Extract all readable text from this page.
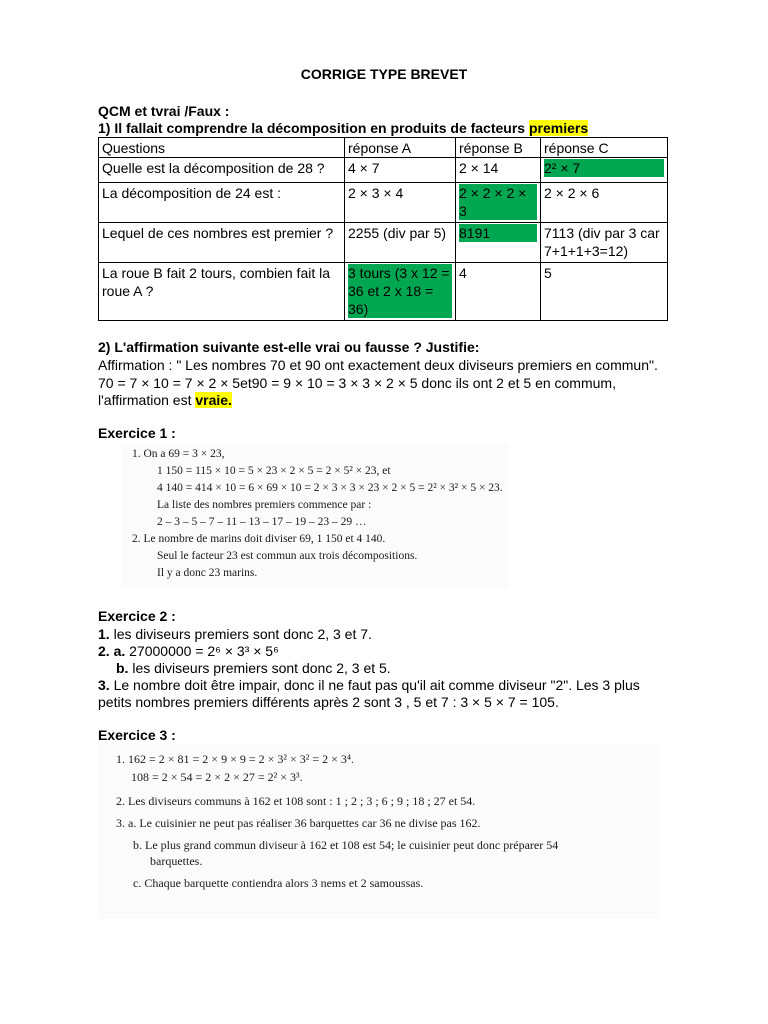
CORRIGE TYPE BREVET
QCM et tvrai /Faux :
1) Il fallait comprendre la décomposition en produits de facteurs premiers
Questions	réponse A	réponse B	réponse C
Quelle est la décomposition de 28 ?	4 × 7	2 × 14	2² × 7
La décomposition de 24 est :	2 × 3 × 4	2 × 2 × 2 × 3	2 × 2 × 6
Lequel de ces nombres est premier ?	2255 (div par 5)	8191	7113 (div par 3 car 7+1+1+3=12)
La roue B fait 2 tours, combien fait la roue A ?	3 tours (3 x 12 = 36 et 2 x 18 = 36)	4	5
2) L'affirmation suivante est-elle vrai ou fausse ? Justifie:
Affirmation : " Les nombres 70 et 90 ont exactement deux diviseurs premiers en commun".
70 = 7 × 10 = 7 × 2 × 5et90 = 9 × 10 = 3 × 3 × 2 × 5 donc ils ont 2 et 5 en commum,
l'affirmation est vraie.
Exercice 1 :
1. On a 69 = 3 × 23,
1 150 = 115 × 10 = 5 × 23 × 2 × 5 = 2 × 5² × 23, et
4 140 = 414 × 10 = 6 × 69 × 10 = 2 × 3 × 3 × 23 × 2 × 5 = 2² × 3² × 5 × 23.
La liste des nombres premiers commence par :
2 – 3 – 5 – 7 – 11 – 13 – 17 – 19 – 23 – 29 …
2. Le nombre de marins doit diviser 69, 1 150 et 4 140.
Seul le facteur 23 est commun aux trois décompositions.
Il y a donc 23 marins.
Exercice 2 :
1. les diviseurs premiers sont donc 2, 3 et 7.
2. a. 27000000 = 2⁶ × 3³ × 5⁶
b. les diviseurs premiers sont donc 2, 3 et 5.
3. Le nombre doit être impair, donc il ne faut pas qu'il ait comme diviseur "2". Les 3 plus
petits nombres premiers différents après 2 sont 3 , 5 et 7 : 3 × 5 × 7 = 105.
Exercice 3 :
1. 162 = 2 × 81 = 2 × 9 × 9 = 2 × 3² × 3² = 2 × 3⁴.
108 = 2 × 54 = 2 × 2 × 27 = 2² × 3³.
2. Les diviseurs communs à 162 et 108 sont : 1 ; 2 ; 3 ; 6 ; 9 ; 18 ; 27 et 54.
3. a. Le cuisinier ne peut pas réaliser 36 barquettes car 36 ne divise pas 162.
b. Le plus grand commun diviseur à 162 et 108 est 54; le cuisinier peut donc préparer 54
barquettes.
c. Chaque barquette contiendra alors 3 nems et 2 samoussas.
